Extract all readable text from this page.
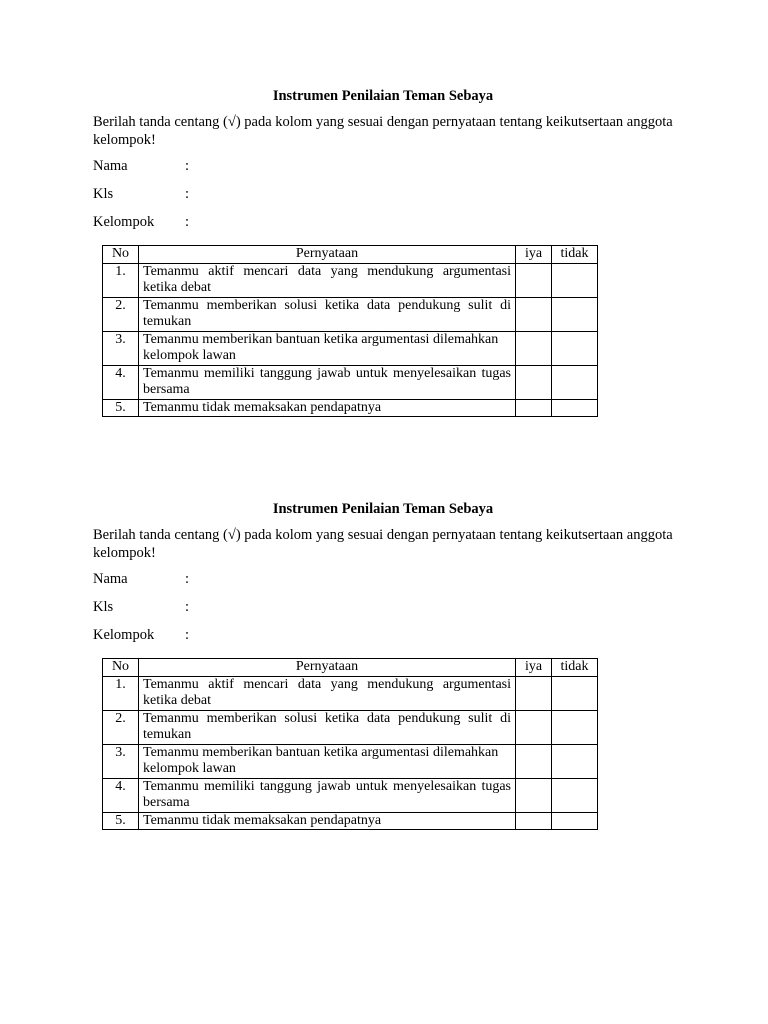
Instrumen Penilaian Teman Sebaya
Berilah tanda centang (√) pada kolom yang sesuai dengan pernyataan tentang keikutsertaan anggota kelompok!
Nama	:
Kls	:
Kelompok :
No	Pernyataan	iya	tidak
1.	Temanmu aktif mencari data yang mendukung argumentasi ketika debat		
2.	Temanmu memberikan solusi ketika data pendukung sulit di temukan		
3.	Temanmu memberikan bantuan ketika argumentasi dilemahkan kelompok lawan		
4.	Temanmu memiliki tanggung jawab untuk menyelesaikan tugas bersama		
5.	Temanmu tidak memaksakan pendapatnya		
Instrumen Penilaian Teman Sebaya
Berilah tanda centang (√) pada kolom yang sesuai dengan pernyataan tentang keikutsertaan anggota kelompok!
Nama	:
Kls	:
Kelompok :
No	Pernyataan	iya	tidak
1.	Temanmu aktif mencari data yang mendukung argumentasi ketika debat		
2.	Temanmu memberikan solusi ketika data pendukung sulit di temukan		
3.	Temanmu memberikan bantuan ketika argumentasi dilemahkan kelompok lawan		
4.	Temanmu memiliki tanggung jawab untuk menyelesaikan tugas bersama		
5.	Temanmu tidak memaksakan pendapatnya		
